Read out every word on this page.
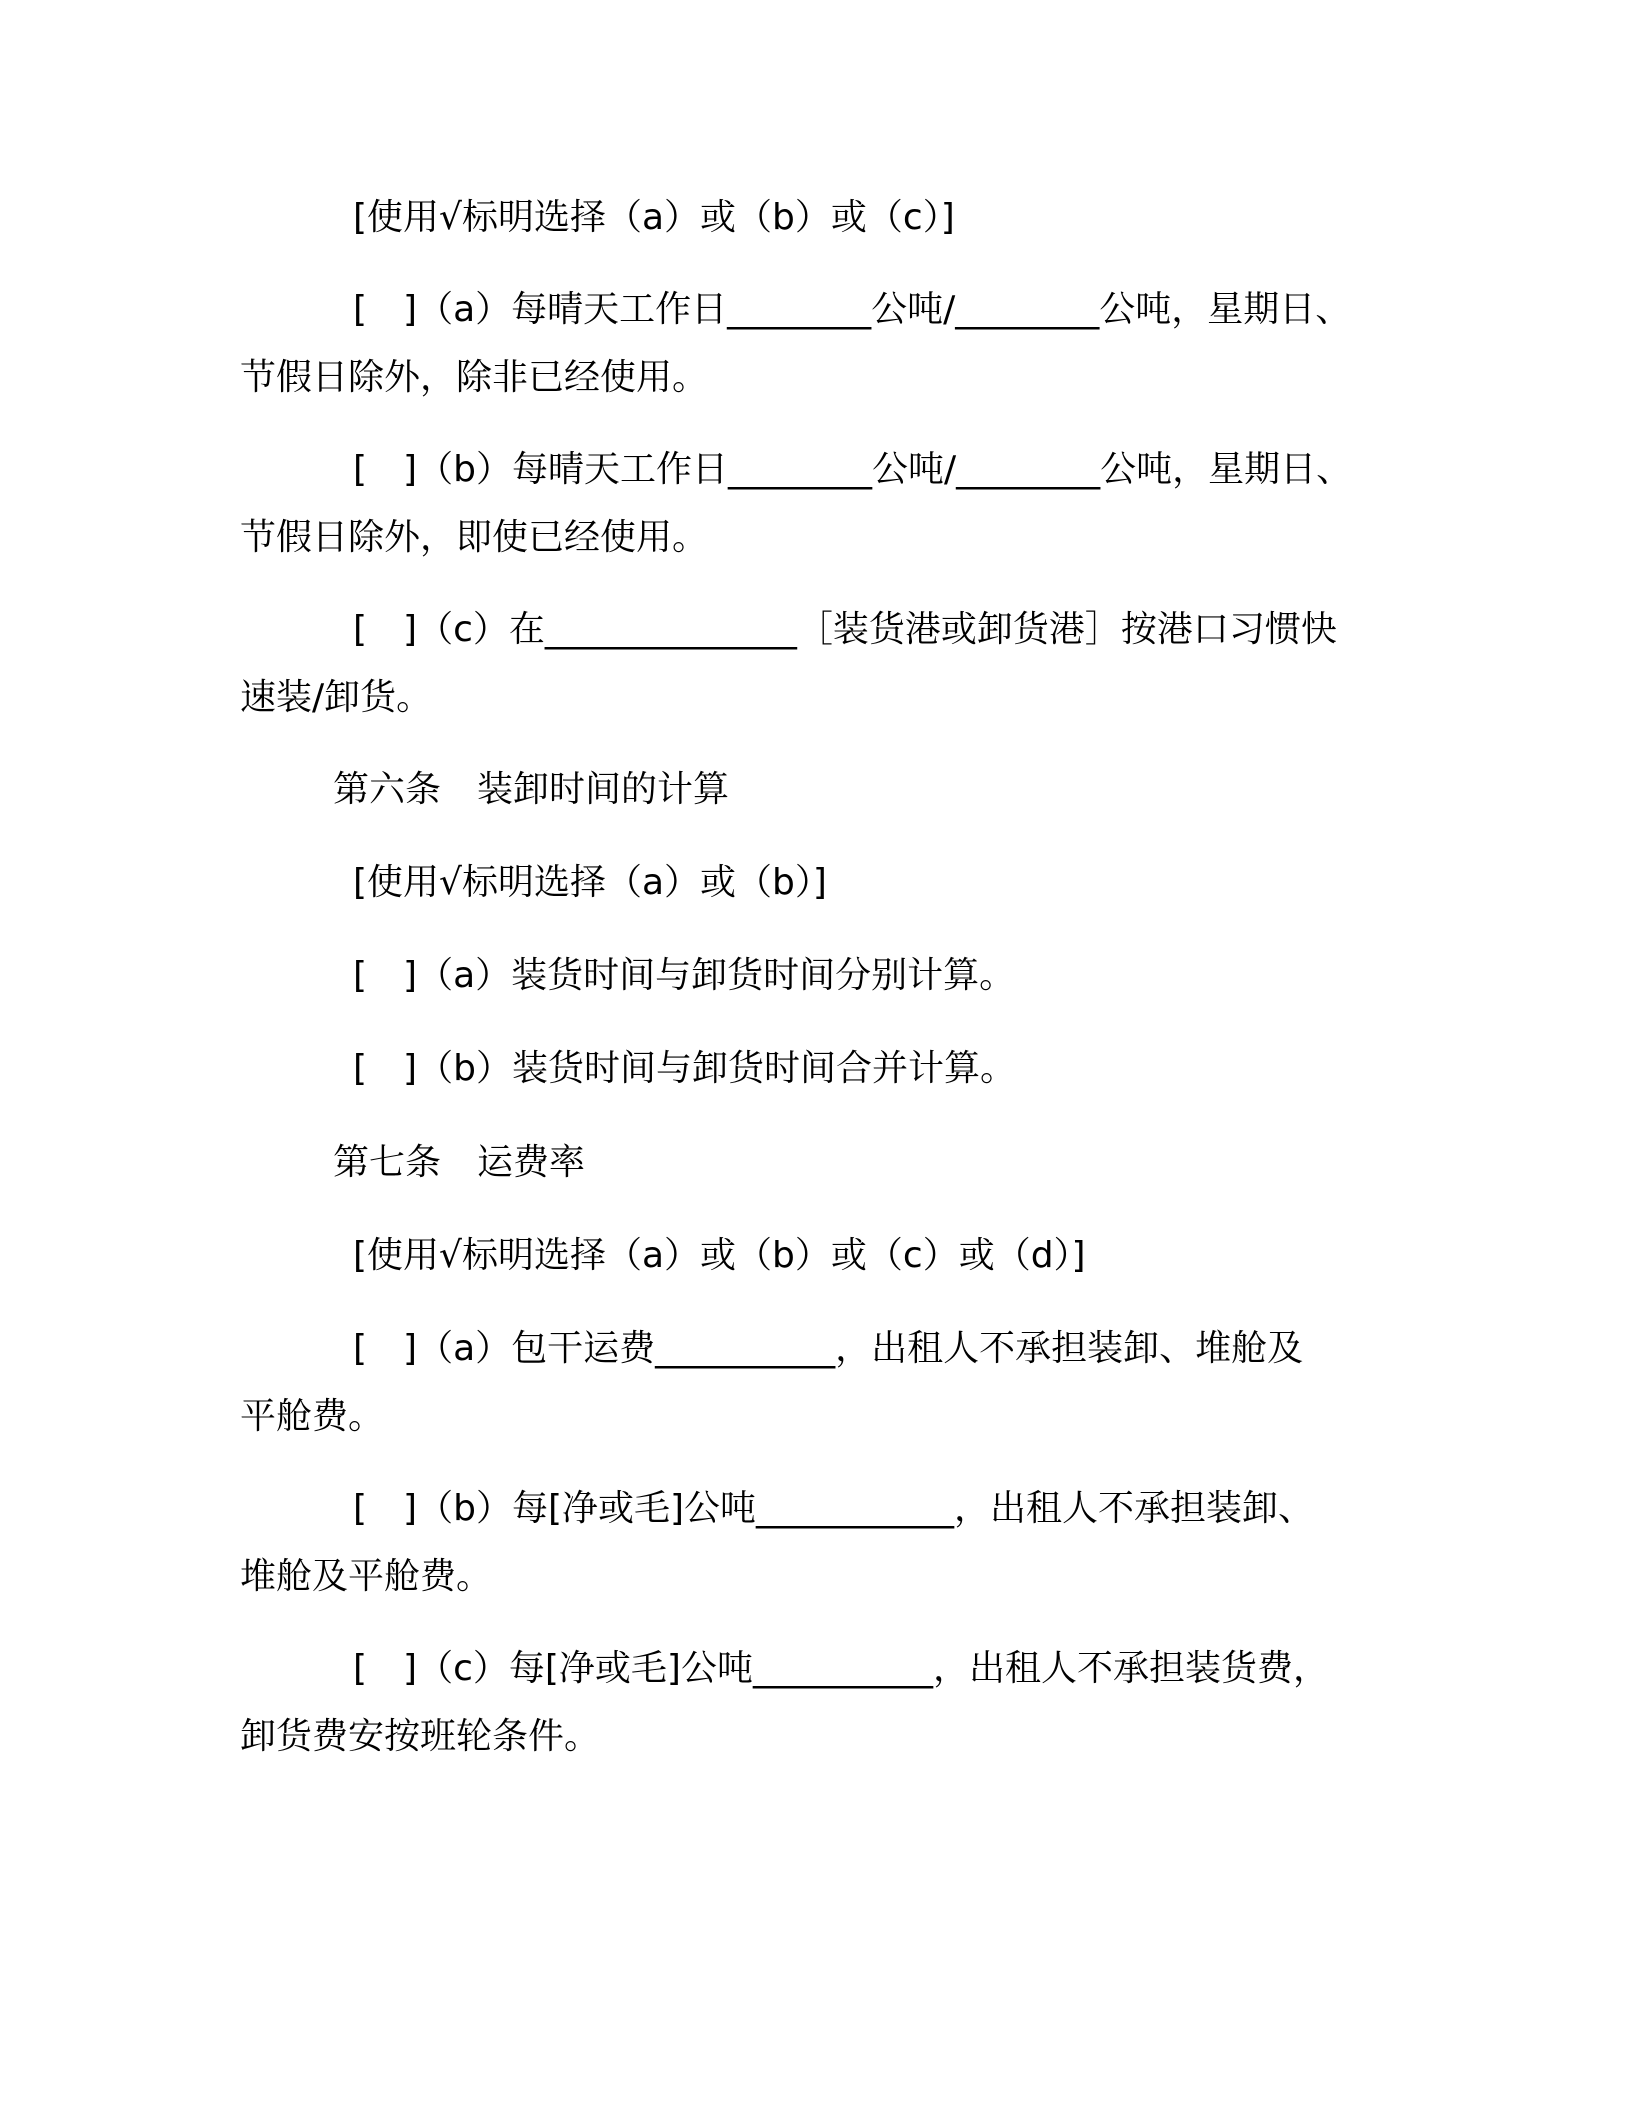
[使用√标明选择（a）或（b）或（c）]
[　]（a）每晴天工作日________公吨/________公吨，星期日、
节假日除外，除非已经使用。
[　]（b）每晴天工作日________公吨/________公吨，星期日、
节假日除外，即使已经使用。
[　]（c）在______________［装货港或卸货港］按港口习惯快
速装/卸货。
第六条　装卸时间的计算
[使用√标明选择（a）或（b）]
[　]（a）装货时间与卸货时间分别计算。
[　]（b）装货时间与卸货时间合并计算。
第七条　运费率
[使用√标明选择（a）或（b）或（c）或（d）]
[　]（a）包干运费__________，出租人不承担装卸、堆舱及
平舱费。
[　]（b）每[净或毛]公吨___________，出租人不承担装卸、
堆舱及平舱费。
[　]（c）每[净或毛]公吨__________，出租人不承担装货费，
卸货费安按班轮条件。
